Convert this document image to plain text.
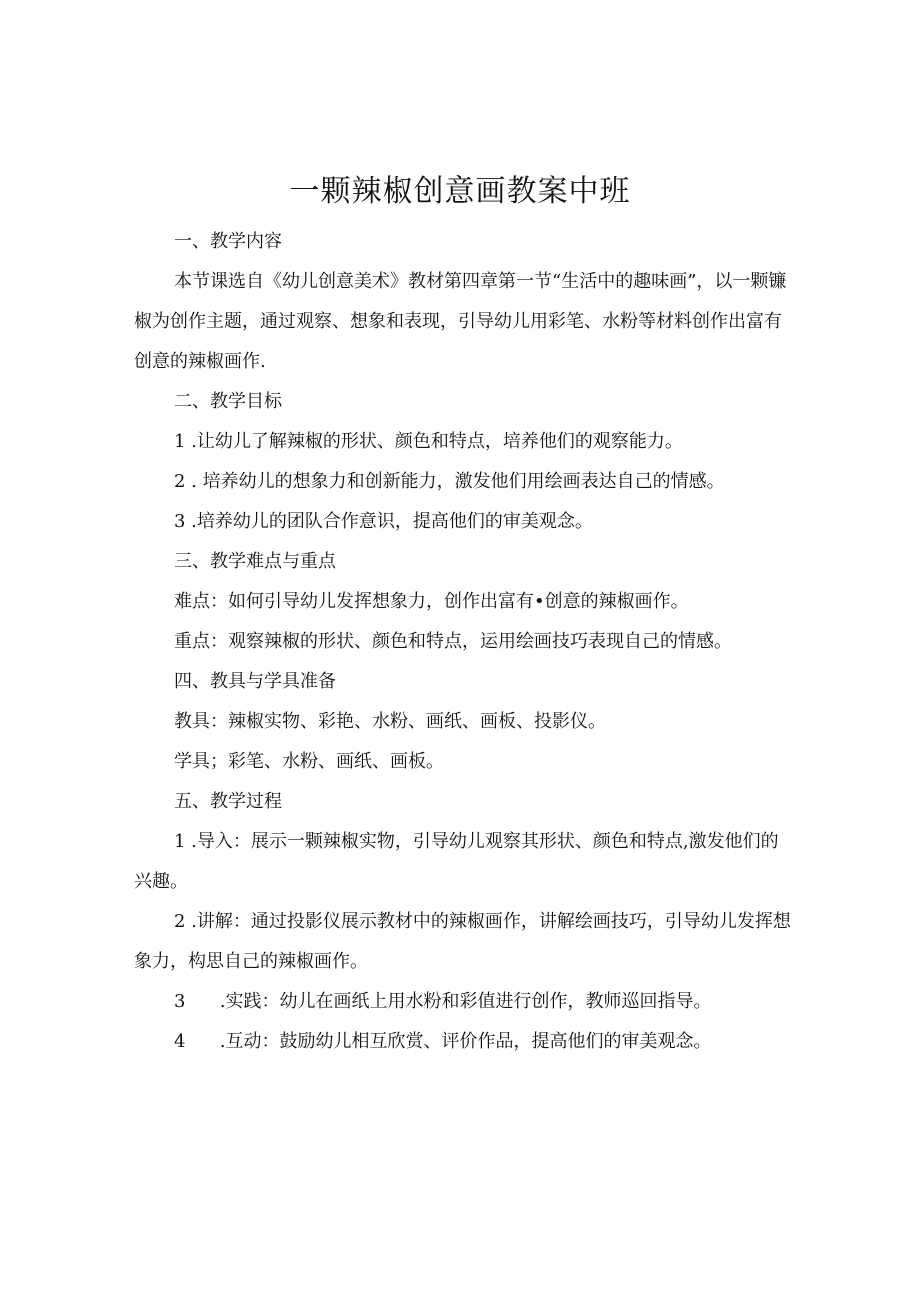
一颗辣椒创意画教案中班

一、教学内容

本节课选自《幼儿创意美术》教材第四章第一节“生活中的趣味画”，以一颗镰椒为创作主题，通过观察、想象和表现，引导幼儿用彩笔、水粉等材料创作出富有创意的辣椒画作.

二、教学目标

1 .让幼儿了解辣椒的形状、颜色和特点，培养他们的观察能力。

2 . 培养幼儿的想象力和创新能力，激发他们用绘画表达自己的情感。

3 .培养幼儿的团队合作意识，提高他们的审美观念。

三、教学难点与重点

难点：如何引导幼儿发挥想象力，创作出富有•创意的辣椒画作。

重点：观察辣椒的形状、颜色和特点，运用绘画技巧表现自己的情感。

四、教具与学具准备

教具：辣椒实物、彩艳、水粉、画纸、画板、投影仪。

学具；彩笔、水粉、画纸、画板。

五、教学过程

1 .导入：展示一颗辣椒实物，引导幼儿观察其形状、颜色和特点,激发他们的兴趣。

2 .讲解：通过投影仪展示教材中的辣椒画作，讲解绘画技巧，引导幼儿发挥想象力，构思自己的辣椒画作。

3      .实践：幼儿在画纸上用水粉和彩值进行创作，教师巡回指导。

4      .互动：鼓励幼儿相互欣赏、评价作品，提高他们的审美观念。
